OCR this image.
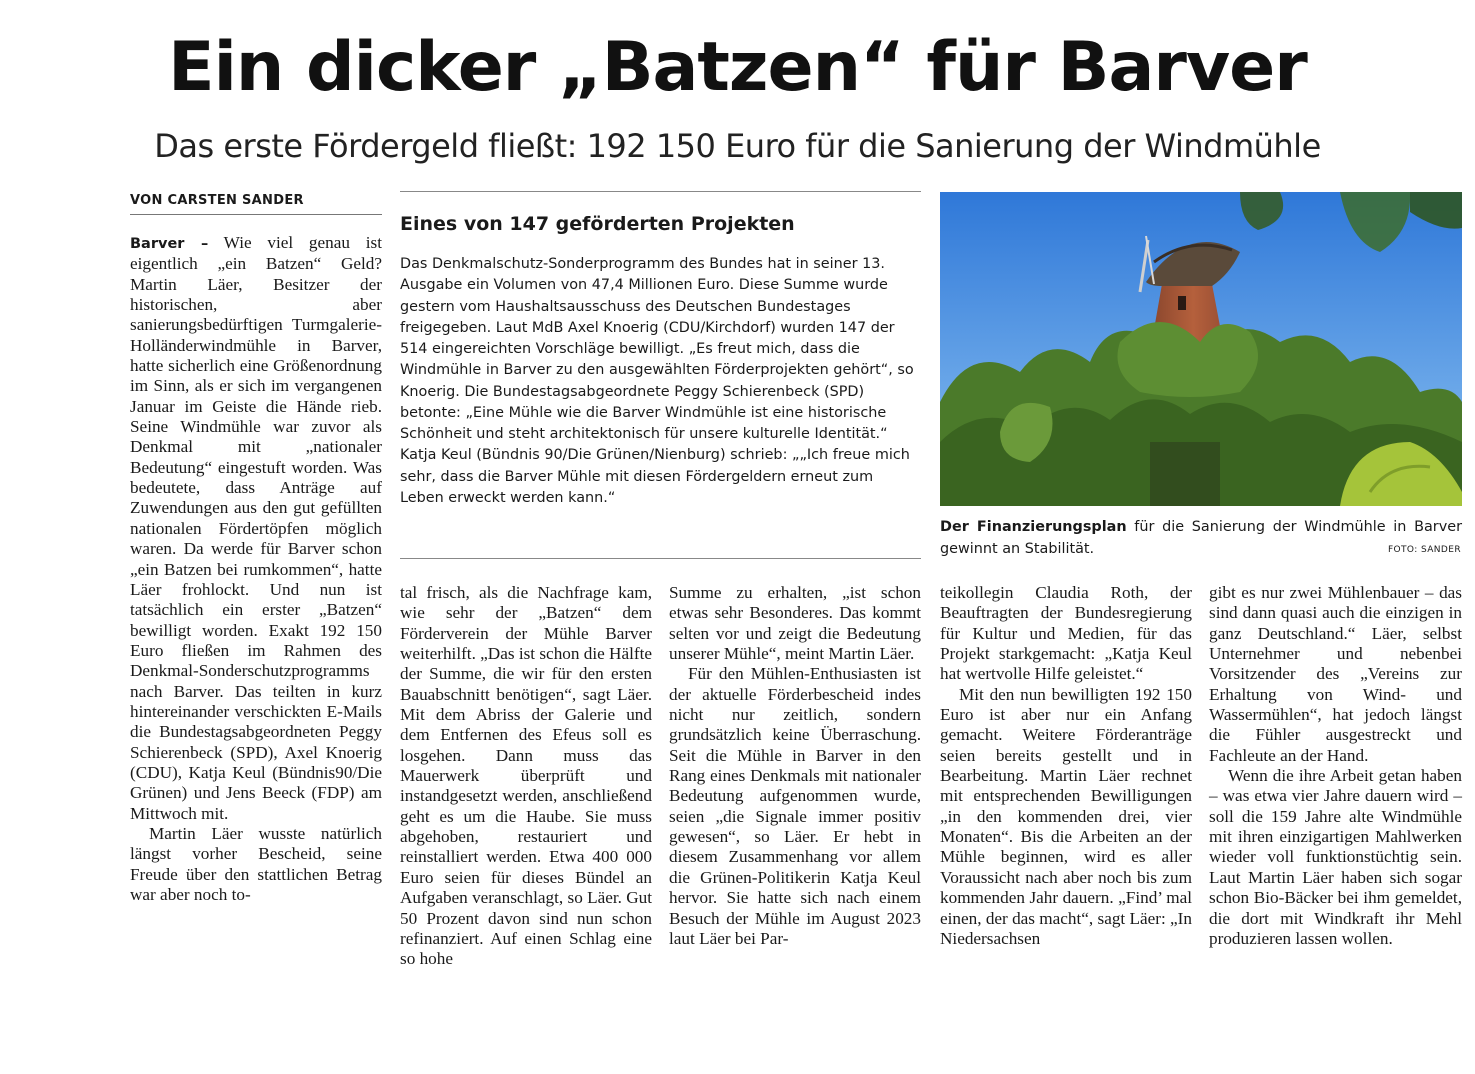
Ein dicker „Batzen“ für Barver
Das erste Fördergeld fließt: 192 150 Euro für die Sanierung der Windmühle
VON CARSTEN SANDER
Eines von 147 geförderten Projekten

Das Denkmalschutz-Sonderprogramm des Bundes hat in seiner 13. Ausgabe ein Volumen von 47,4 Millionen Euro. Diese Summe wurde gestern vom Haushaltsausschuss des Deutschen Bundestages freigegeben. Laut MdB Axel Knoerig (CDU/Kirchdorf) wurden 147 der 514 eingereichten Vorschläge bewilligt. „Es freut mich, dass die Windmühle in Barver zu den ausgewählten Förderprojekten gehört“, so Knoerig. Die Bundestagsabgeordnete Peggy Schierenbeck (SPD) betonte: „Eine Mühle wie die Barver Windmühle ist eine historische Schönheit und steht architektonisch für unsere kulturelle Identität.“ Katja Keul (Bündnis 90/Die Grünen/Nienburg) schrieb: „„Ich freue mich sehr, dass die Barver Mühle mit diesen Fördergeldern erneut zum Leben erweckt werden kann.“

Barver – Wie viel genau ist eigentlich „ein Batzen“ Geld? Martin Läer, Besitzer der historischen, aber sanierungsbedürftigen Turmgalerie-Holländerwindmühle in Barver, hatte sicherlich eine Größenordnung im Sinn, als er sich im vergangenen Januar im Geiste die Hände rieb. Seine Windmühle war zuvor als Denkmal mit „nationaler Bedeutung“ eingestuft worden. Was bedeutete, dass Anträge auf Zuwendungen aus den gut gefüllten nationalen Fördertöpfen möglich waren. Da werde für Barver schon „ein Batzen bei rumkommen“, hatte Läer frohlockt. Und nun ist tatsächlich ein erster „Batzen“ bewilligt worden. Exakt 192 150 Euro fließen im Rahmen des Denkmal-Sonderschutzprogramms nach Barver. Das teilten in kurz hintereinander verschickten E-Mails die Bundestagsabgeordneten Peggy Schierenbeck (SPD), Axel Knoerig (CDU), Katja Keul (Bündnis90/Die Grünen) und Jens Beeck (FDP) am Mittwoch mit.

Martin Läer wusste natürlich längst vorher Bescheid, seine Freude über den stattlichen Betrag war aber noch to-

tal frisch, als die Nachfrage kam, wie sehr der „Batzen“ dem Förderverein der Mühle Barver weiterhilft. „Das ist schon die Hälfte der Summe, die wir für den ersten Bauabschnitt benötigen“, sagt Läer. Mit dem Abriss der Galerie und dem Entfernen des Efeus soll es losgehen. Dann muss das Mauerwerk überprüft und instandgesetzt werden, anschließend geht es um die Haube. Sie muss abgehoben, restauriert und reinstalliert werden. Etwa 400 000 Euro seien für dieses Bündel an Aufgaben veranschlagt, so Läer. Gut 50 Prozent davon sind nun schon refinanziert. Auf einen Schlag eine so hohe

Summe zu erhalten, „ist schon etwas sehr Besonderes. Das kommt selten vor und zeigt die Bedeutung unserer Mühle“, meint Martin Läer.

Für den Mühlen-Enthusiasten ist der aktuelle Förderbescheid indes nicht nur zeitlich, sondern grundsätzlich keine Überraschung. Seit die Mühle in Barver in den Rang eines Denkmals mit nationaler Bedeutung aufgenommen wurde, seien „die Signale immer positiv gewesen“, so Läer. Er hebt in diesem Zusammenhang vor allem die Grünen-Politikerin Katja Keul hervor. Sie hatte sich nach einem Besuch der Mühle im August 2023 laut Läer bei Par-

teikollegin Claudia Roth, der Beauftragten der Bundesregierung für Kultur und Medien, für das Projekt starkgemacht: „Katja Keul hat wertvolle Hilfe geleistet.“

Mit den nun bewilligten 192 150 Euro ist aber nur ein Anfang gemacht. Weitere Förderanträge seien bereits gestellt und in Bearbeitung. Martin Läer rechnet mit entsprechenden Bewilligungen „in den kommenden drei, vier Monaten“. Bis die Arbeiten an der Mühle beginnen, wird es aller Voraussicht nach aber noch bis zum kommenden Jahr dauern. „Find’ mal einen, der das macht“, sagt Läer: „In Niedersachsen

gibt es nur zwei Mühlenbauer – das sind dann quasi auch die einzigen in ganz Deutschland.“ Läer, selbst Unternehmer und nebenbei Vorsitzender des „Vereins zur Erhaltung von Wind- und Wassermühlen“, hat jedoch längst die Fühler ausgestreckt und Fachleute an der Hand.

Wenn die ihre Arbeit getan haben – was etwa vier Jahre dauern wird – soll die 159 Jahre alte Windmühle mit ihren einzigartigen Mahlwerken wieder voll funktionstüchtig sein. Laut Martin Läer haben sich sogar schon Bio-Bäcker bei ihm gemeldet, die dort mit Windkraft ihr Mehl produzieren lassen wollen.

Der Finanzierungsplan für die Sanierung der Windmühle in Barver gewinnt an Stabilität.	FOTO: SANDER
